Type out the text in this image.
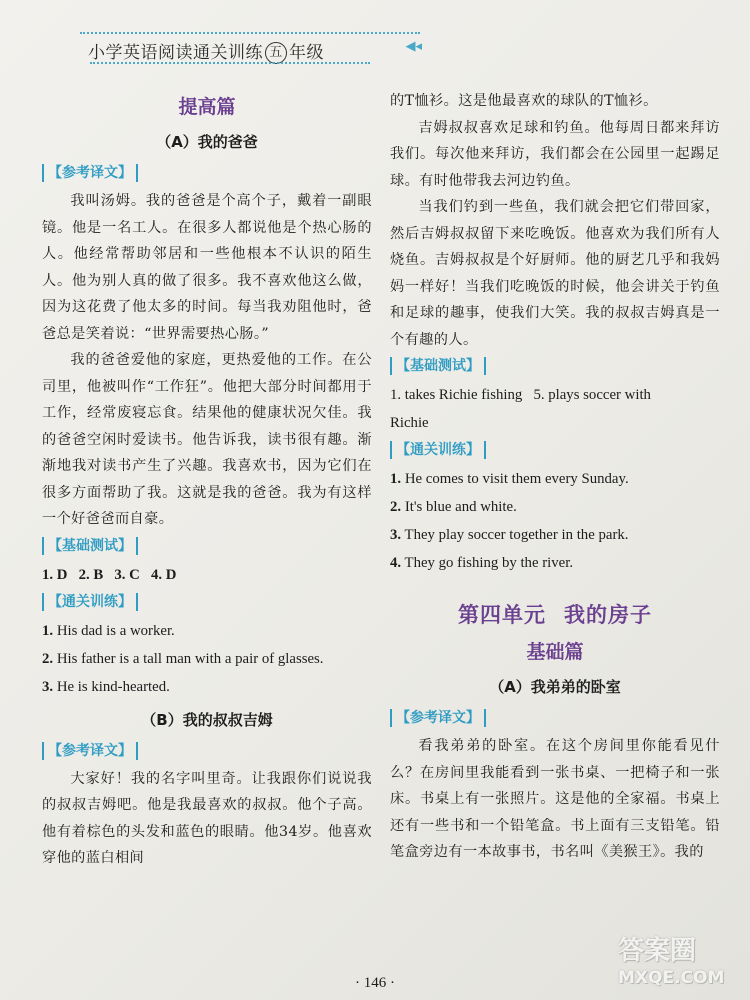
小学英语阅读通关训练 五 年级	◀◂
提高篇
（A）我的爸爸
【参考译文】

我叫汤姆。我的爸爸是个高个子，戴着一副眼镜。他是一名工人。在很多人都说他是个热心肠的人。他经常帮助邻居和一些他根本不认识的陌生人。他为别人真的做了很多。我不喜欢他这么做，因为这花费了他太多的时间。每当我劝阻他时，爸爸总是笑着说：“世界需要热心肠。”

我的爸爸爱他的家庭，更热爱他的工作。在公司里，他被叫作“工作狂”。他把大部分时间都用于工作，经常废寝忘食。结果他的健康状况欠佳。我的爸爸空闲时爱读书。他告诉我，读书很有趣。渐渐地我对读书产生了兴趣。我喜欢书，因为它们在很多方面帮助了我。这就是我的爸爸。我为有这样一个好爸爸而自豪。

【基础测试】

1. D 2. B 3. C 4. D

【通关训练】

1. His dad is a worker.

2. His father is a tall man with a pair of glasses.

3. He is kind-hearted.

（B）我的叔叔吉姆
【参考译文】

大家好！我的名字叫里奇。让我跟你们说说我的叔叔吉姆吧。他是我最喜欢的叔叔。他个子高。他有着棕色的头发和蓝色的眼睛。他34岁。他喜欢穿他的蓝白相间

的T恤衫。这是他最喜欢的球队的T恤衫。

吉姆叔叔喜欢足球和钓鱼。他每周日都来拜访我们。每次他来拜访，我们都会在公园里一起踢足球。有时他带我去河边钓鱼。

当我们钓到一些鱼，我们就会把它们带回家，然后吉姆叔叔留下来吃晚饭。他喜欢为我们所有人烧鱼。吉姆叔叔是个好厨师。他的厨艺几乎和我妈妈一样好！当我们吃晚饭的时候，他会讲关于钓鱼和足球的趣事，使我们大笑。我的叔叔吉姆真是一个有趣的人。

【基础测试】

1. takes Richie fishing 5. plays soccer with

Richie

【通关训练】

1. He comes to visit them every Sunday.

2. It's blue and white.

3. They play soccer together in the park.

4. They go fishing by the river.

第四单元 我的房子
基础篇
（A）我弟弟的卧室
【参考译文】

看我弟弟的卧室。在这个房间里你能看见什么？在房间里我能看到一张书桌、一把椅子和一张床。书桌上有一张照片。这是他的全家福。书桌上还有一些书和一个铅笔盒。书上面有三支铅笔。铅笔盒旁边有一本故事书，书名叫《美猴王》。我的

· 146 ·
答案圈
MXQE.COM
